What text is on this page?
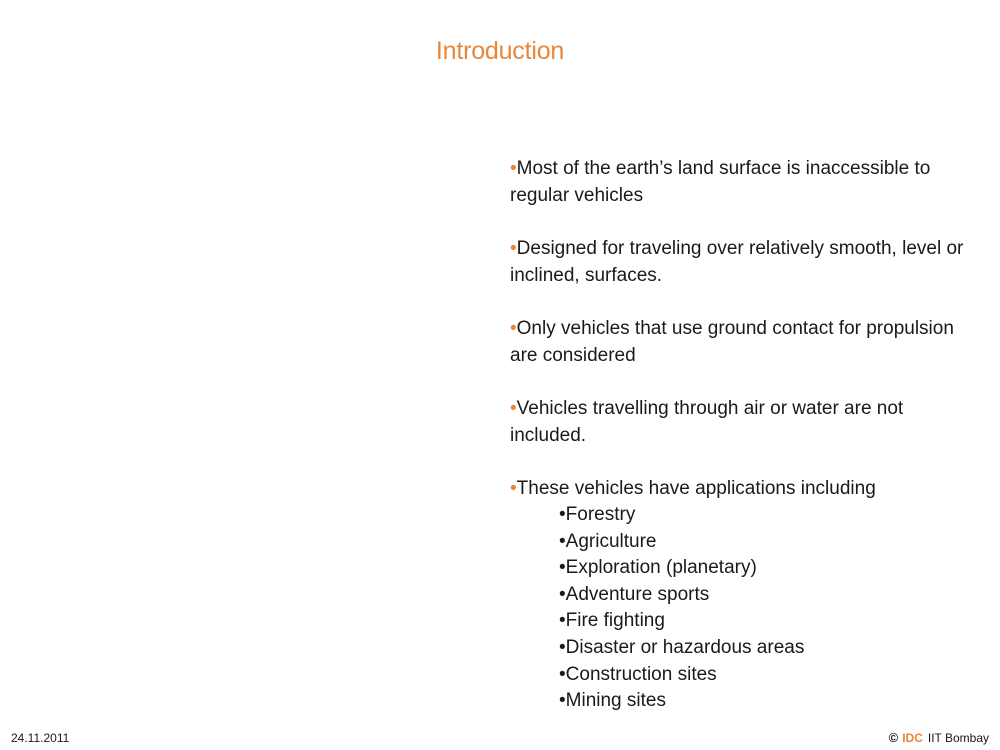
Introduction
•Most of the earth’s land surface is inaccessible to regular vehicles
•Designed for traveling over relatively smooth, level or inclined, surfaces.
•Only vehicles that use ground contact for propulsion are considered
•Vehicles travelling through air or water are not included.
•These vehicles have applications including
•Forestry
•Agriculture
•Exploration (planetary)
•Adventure sports
•Fire fighting
•Disaster or hazardous areas
•Construction sites
•Mining sites
24.11.2011	© IDC IIT Bombay
